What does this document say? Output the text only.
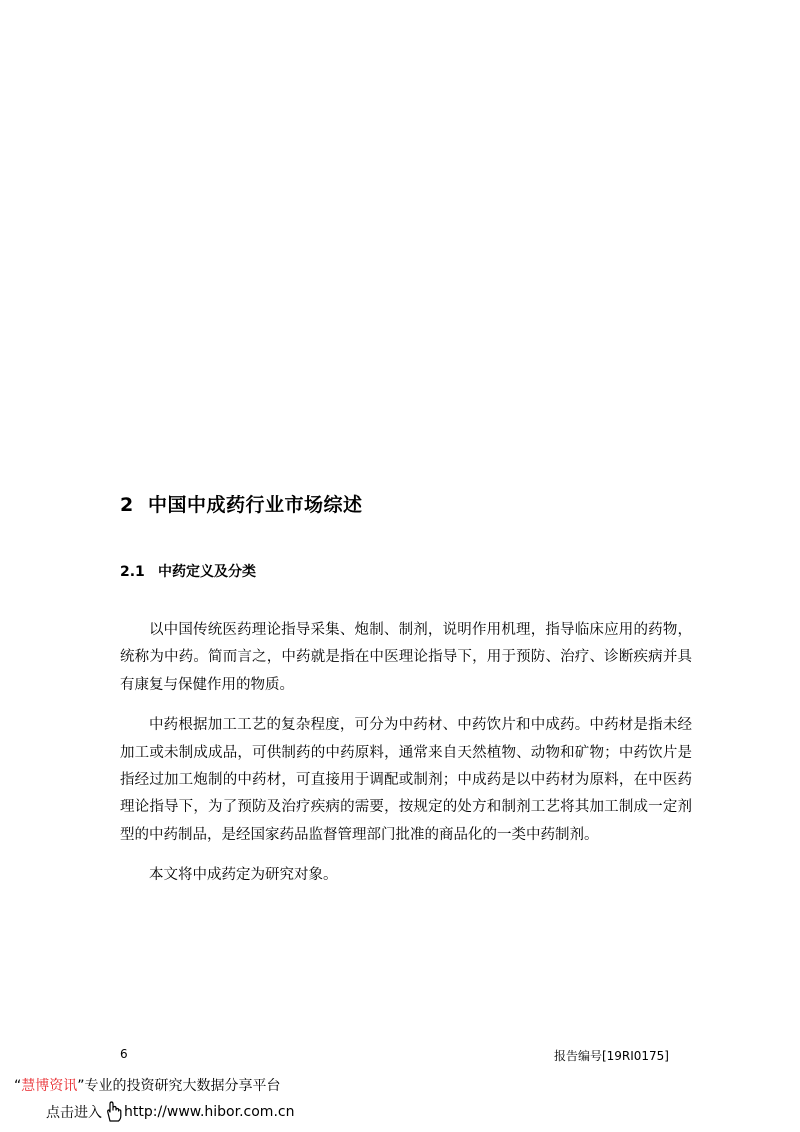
2 中国中成药行业市场综述
2.1 中药定义及分类

以中国传统医药理论指导采集、炮制、制剂，说明作用机理，指导临床应用的药物，统称为中药。简而言之，中药就是指在中医理论指导下，用于预防、治疗、诊断疾病并具有康复与保健作用的物质。

中药根据加工工艺的复杂程度，可分为中药材、中药饮片和中成药。中药材是指未经加工或未制成成品，可供制药的中药原料，通常来自天然植物、动物和矿物；中药饮片是指经过加工炮制的中药材，可直接用于调配或制剂；中成药是以中药材为原料，在中医药理论指导下，为了预防及治疗疾病的需要，按规定的处方和制剂工艺将其加工制成一定剂型的中药制品，是经国家药品监督管理部门批准的商品化的一类中药制剂。

本文将中成药定为研究对象。

6	报告编号[19RI0175]
“慧博资讯”专业的投资研究大数据分享平台
点击进入 http://www.hibor.com.cn
